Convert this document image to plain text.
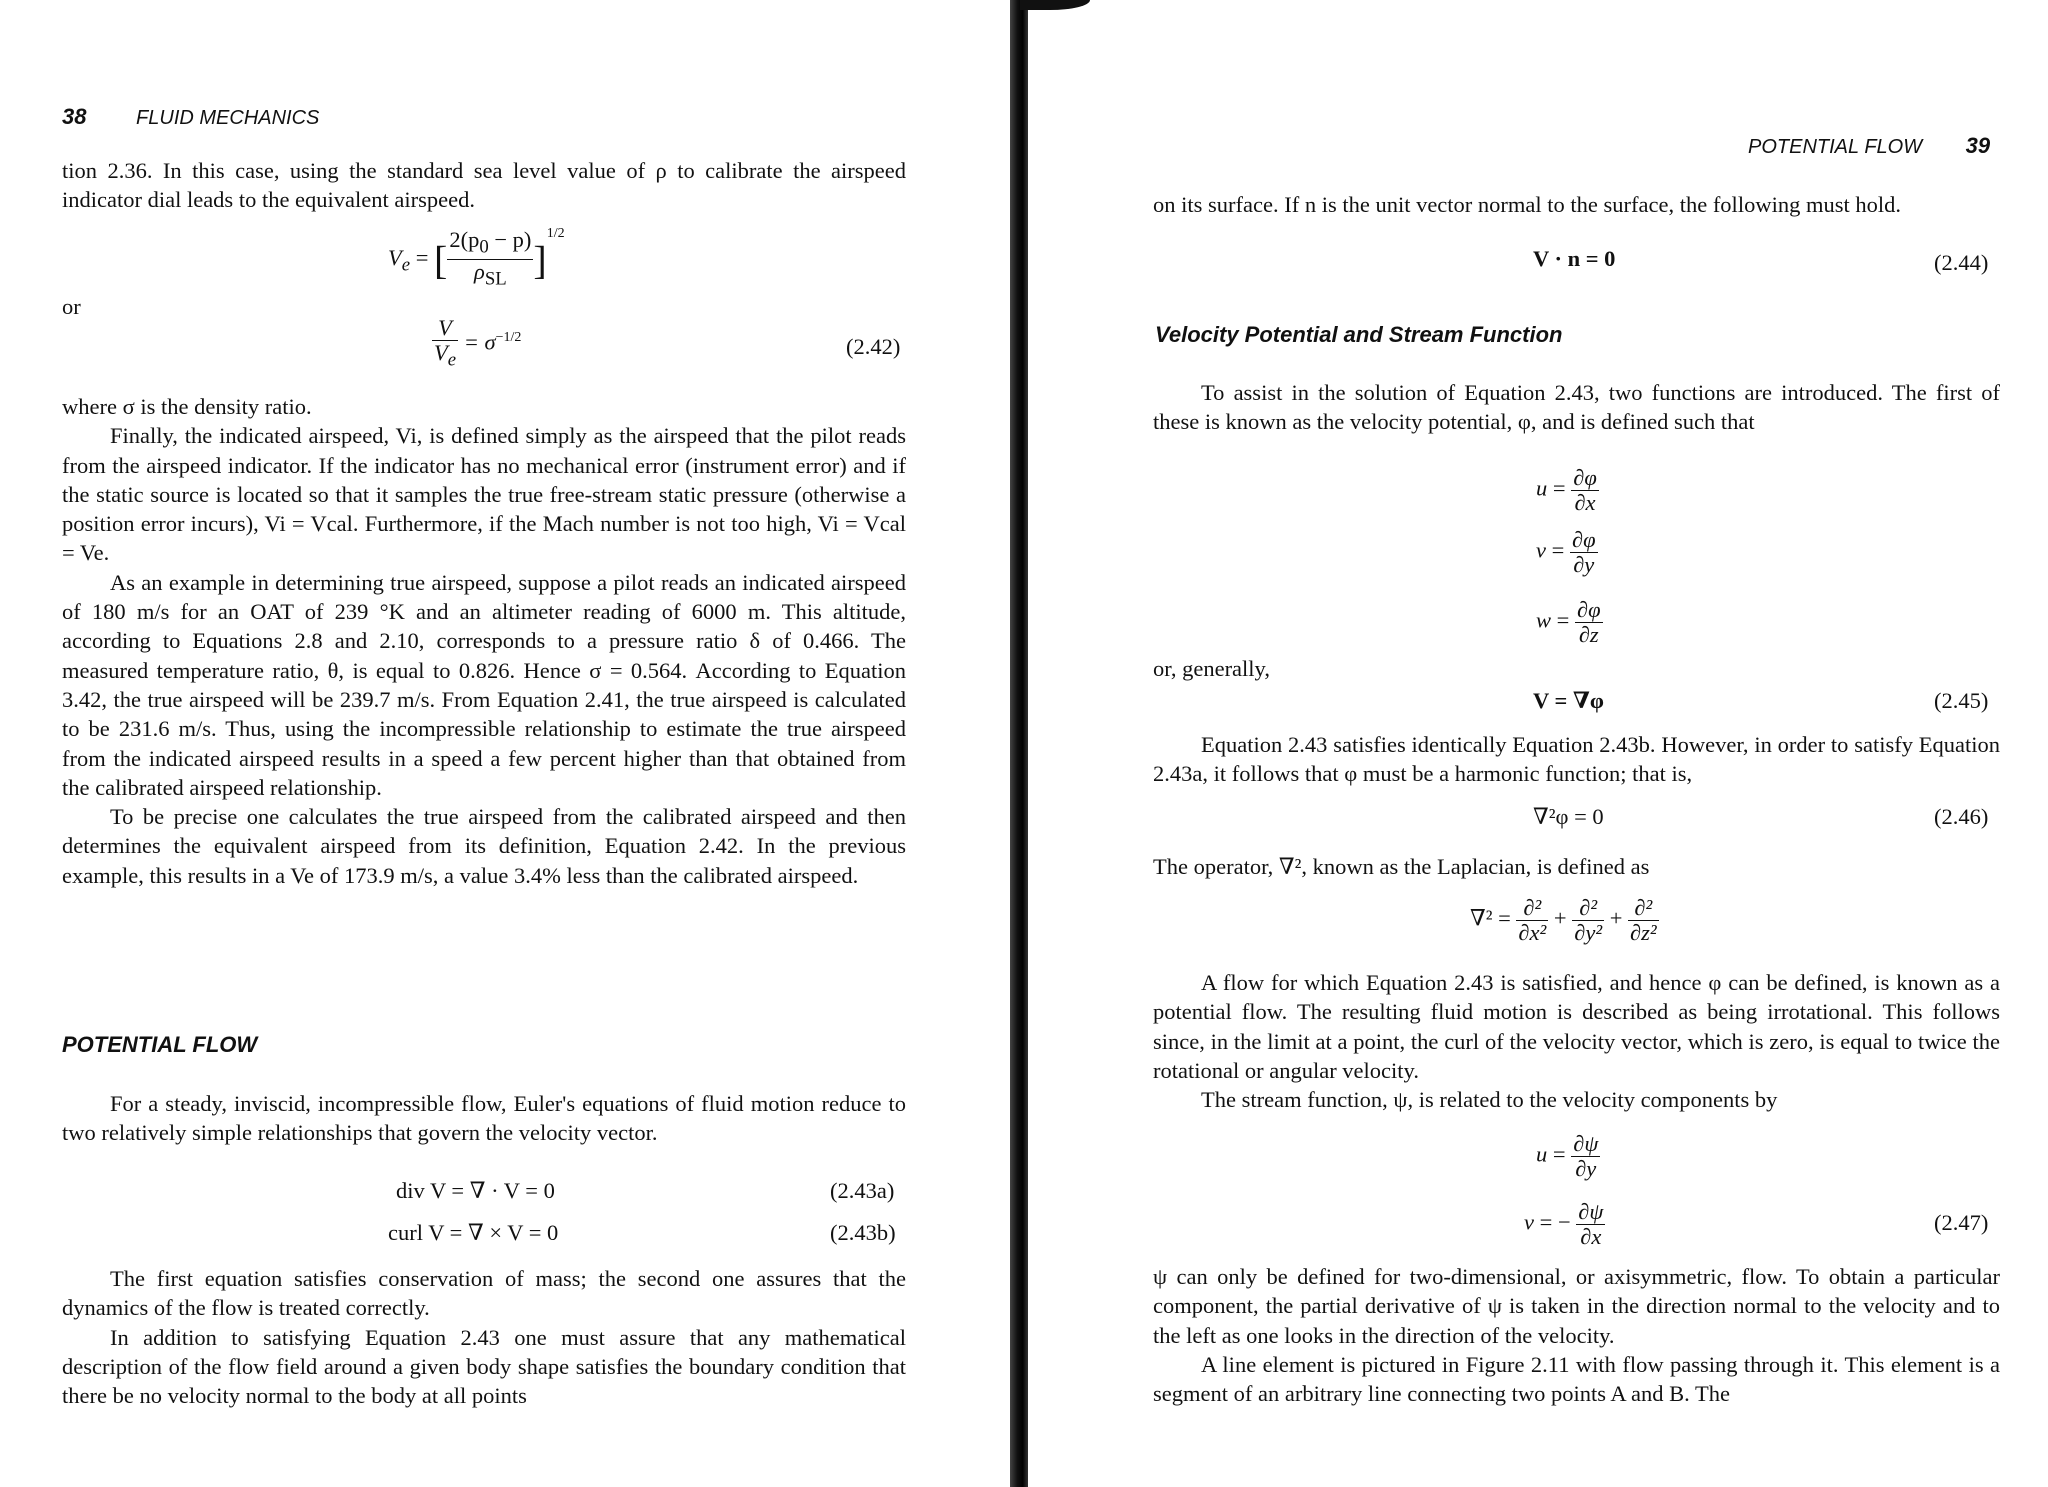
38 FLUID MECHANICS

tion 2.36. In this case, using the standard sea level value of ρ to calibrate the airspeed indicator dial leads to the equivalent airspeed.

$V_e$ = [ $\frac{2(p_0 - p)}{\rho_{SL}} ]^{1/2}$
or
$\frac{V}{V_e} = \sigma^{-1/2}$	(2.42)

where σ is the density ratio.

Finally, the indicated airspeed, Vi, is defined simply as the airspeed that the pilot reads from the airspeed indicator. If the indicator has no mechanical error (instrument error) and if the static source is located so that it samples the true free-stream static pressure (otherwise a position error incurs), Vi = Vcal. Furthermore, if the Mach number is not too high, Vi = Vcal = Ve.

As an example in determining true airspeed, suppose a pilot reads an indicated airspeed of 180 m/s for an OAT of 239 °K and an altimeter reading of 6000 m. This altitude, according to Equations 2.8 and 2.10, corresponds to a pressure ratio δ of 0.466. The measured temperature ratio, θ, is equal to 0.826. Hence σ = 0.564. According to Equation 3.42, the true airspeed will be 239.7 m/s. From Equation 2.41, the true airspeed is calculated to be 231.6 m/s. Thus, using the incompressible relationship to estimate the true airspeed from the indicated airspeed results in a speed a few percent higher than that obtained from the calibrated airspeed relationship.

To be precise one calculates the true airspeed from the calibrated airspeed and then determines the equivalent airspeed from its definition, Equation 2.42. In the previous example, this results in a Ve of 173.9 m/s, a value 3.4% less than the calibrated airspeed.

POTENTIAL FLOW

For a steady, inviscid, incompressible flow, Euler's equations of fluid motion reduce to two relatively simple relationships that govern the velocity vector.

div V = ∇ · V = 0	(2.43a)
curl V = ∇ × V = 0	(2.43b)

The first equation satisfies conservation of mass; the second one assures that the dynamics of the flow is treated correctly.

In addition to satisfying Equation 2.43 one must assure that any mathematical description of the flow field around a given body shape satisfies the boundary condition that there be no velocity normal to the body at all points

POTENTIAL FLOW 39

on its surface. If n is the unit vector normal to the surface, the following must hold.

V · n = 0	(2.44)
Velocity Potential and Stream Function

To assist in the solution of Equation 2.43, two functions are introduced. The first of these is known as the velocity potential, φ, and is defined such that

$u = \frac{\partial\varphi}{\partial x}$
$v = \frac{\partial\varphi}{\partial y}$
$w = \frac{\partial\varphi}{\partial z}$
or, generally,
V = ∇φ	(2.45)

Equation 2.43 satisfies identically Equation 2.43b. However, in order to satisfy Equation 2.43a, it follows that φ must be a harmonic function; that is,

∇²φ = 0	(2.46)

The operator, ∇², known as the Laplacian, is defined as

$\nabla^2 = \frac{\text{∂²}}{\text{∂x²}} + \frac{\text{∂²}}{\text{∂y²}} + \frac{\text{∂²}}{\text{∂z²}}$

A flow for which Equation 2.43 is satisfied, and hence φ can be defined, is known as a potential flow. The resulting fluid motion is described as being irrotational. This follows since, in the limit at a point, the curl of the velocity vector, which is zero, is equal to twice the rotational or angular velocity.

The stream function, ψ, is related to the velocity components by

$u = \frac{\partial\psi}{\partial y}$
v = − $\frac{\partial\psi}{\partial x}$	(2.47)

ψ can only be defined for two-dimensional, or axisymmetric, flow. To obtain a particular component, the partial derivative of ψ is taken in the direction normal to the velocity and to the left as one looks in the direction of the velocity.

A line element is pictured in Figure 2.11 with flow passing through it. This element is a segment of an arbitrary line connecting two points A and B. The
